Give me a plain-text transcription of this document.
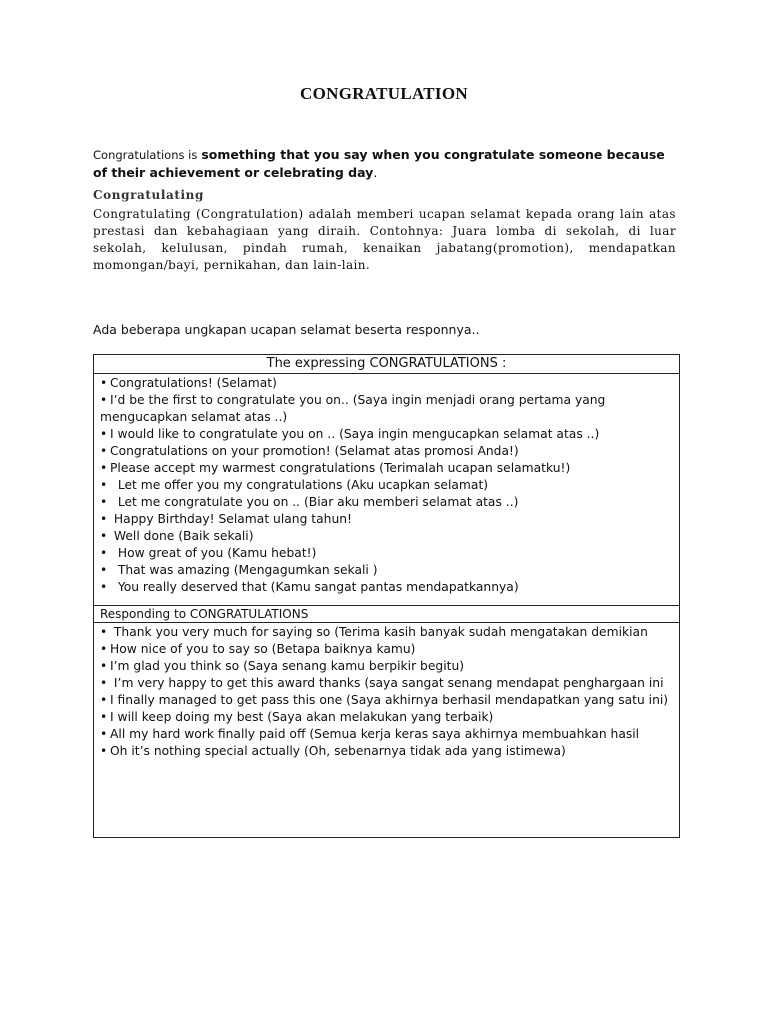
CONGRATULATION
Congratulations is something that you say when you congratulate someone because of their achievement or celebrating day.
Congratulating
Congratulating (Congratulation) adalah memberi ucapan selamat kepada orang lain atas prestasi dan kebahagiaan yang diraih. Contohnya: Juara lomba di sekolah, di luar sekolah, kelulusan, pindah rumah, kenaikan jabatang(promotion), mendapatkan momongan/bayi, pernikahan, dan lain-lain.
Ada beberapa ungkapan ucapan selamat beserta responnya..
The expressing CONGRATULATIONS :
• Congratulations! (Selamat)
• I’d be the first to congratulate you on.. (Saya ingin menjadi orang pertama yang mengucapkan selamat atas ..)
• I would like to congratulate you on .. (Saya ingin mengucapkan selamat atas ..)
• Congratulations on your promotion! (Selamat atas promosi Anda!)
• Please accept my warmest congratulations (Terimalah ucapan selamatku!)
• Let me offer you my congratulations (Aku ucapkan selamat)
• Let me congratulate you on .. (Biar aku memberi selamat atas ..)
• Happy Birthday! Selamat ulang tahun!
• Well done (Baik sekali)
• How great of you (Kamu hebat!)
• That was amazing (Mengagumkan sekali )
• You really deserved that (Kamu sangat pantas mendapatkannya)
Responding to CONGRATULATIONS
• Thank you very much for saying so (Terima kasih banyak sudah mengatakan demikian
• How nice of you to say so (Betapa baiknya kamu)
• I’m glad you think so (Saya senang kamu berpikir begitu)
• I’m very happy to get this award thanks (saya sangat senang mendapat penghargaan ini
• I finally managed to get pass this one (Saya akhirnya berhasil mendapatkan yang satu ini)
• I will keep doing my best (Saya akan melakukan yang terbaik)
• All my hard work finally paid off (Semua kerja keras saya akhirnya membuahkan hasil
• Oh it’s nothing special actually (Oh, sebenarnya tidak ada yang istimewa)
